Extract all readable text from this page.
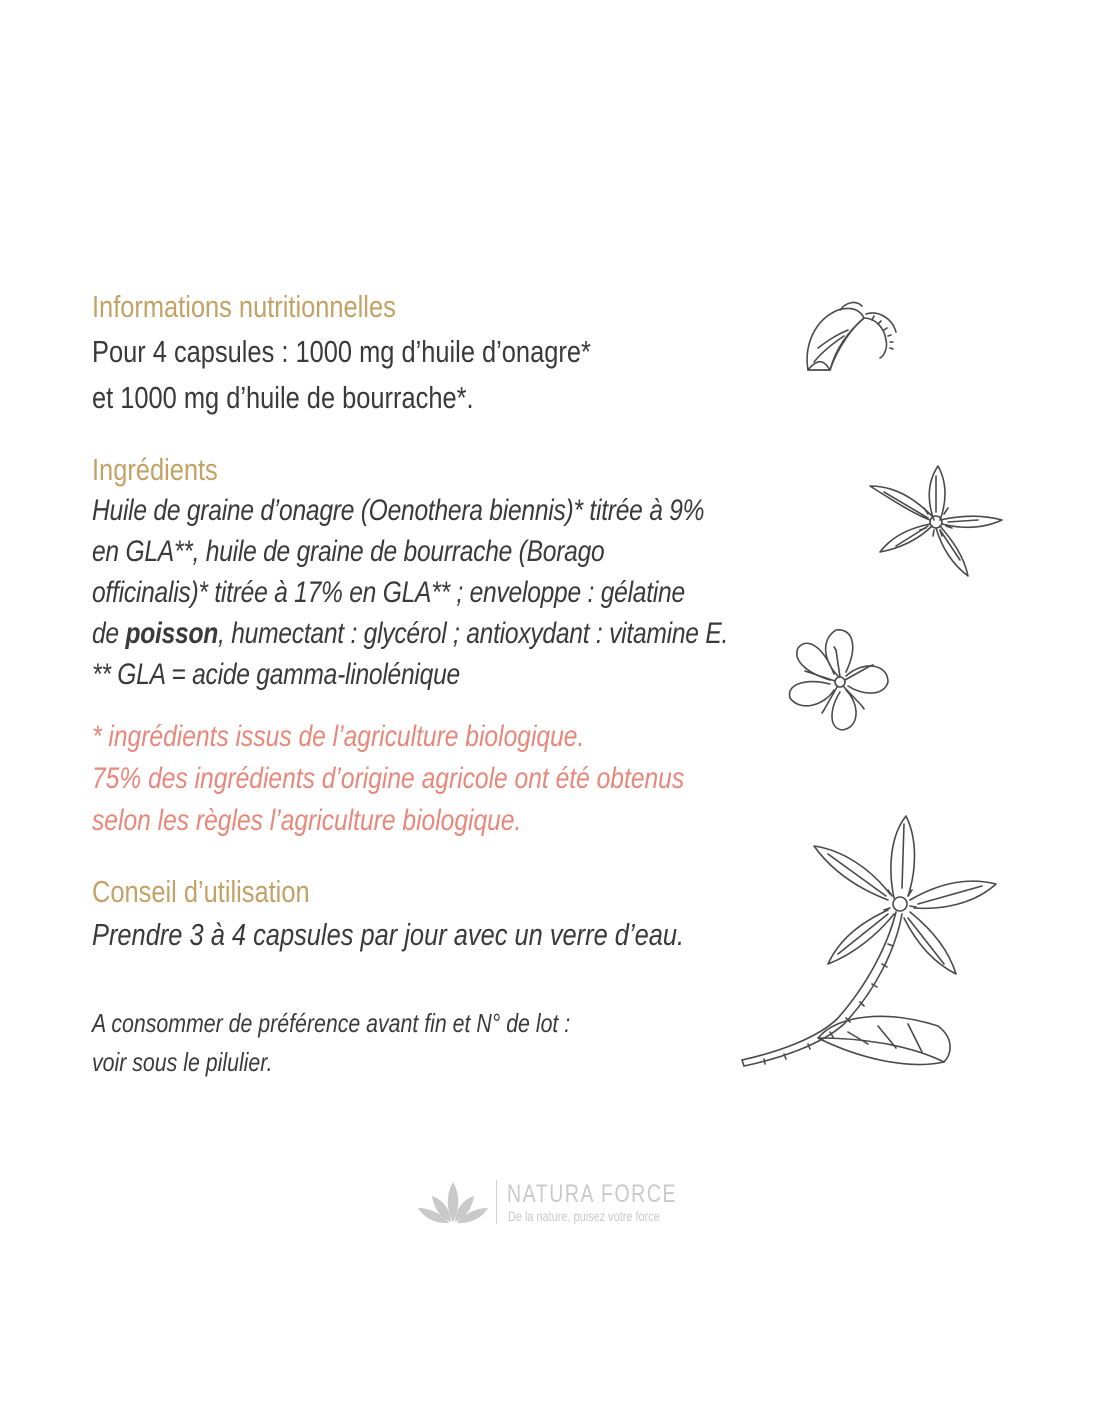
Informations nutritionnelles
Pour 4 capsules : 1000 mg d’huile d’onagre*
et 1000 mg d’huile de bourrache*.
Ingrédients
Huile de graine d’onagre (Oenothera biennis)* titrée à 9%
en GLA**, huile de graine de bourrache (Borago
officinalis)* titrée à 17% en GLA** ; enveloppe : gélatine
de poisson, humectant : glycérol ; antioxydant : vitamine E.
** GLA = acide gamma-linolénique
* ingrédients issus de l’agriculture biologique.
75% des ingrédients d’origine agricole ont été obtenus
selon les règles l’agriculture biologique.
Conseil d’utilisation
Prendre 3 à 4 capsules par jour avec un verre d’eau.
A consommer de préférence avant fin et N° de lot :
voir sous le pilulier.
NATURA FORCE
De la nature, puisez votre force
